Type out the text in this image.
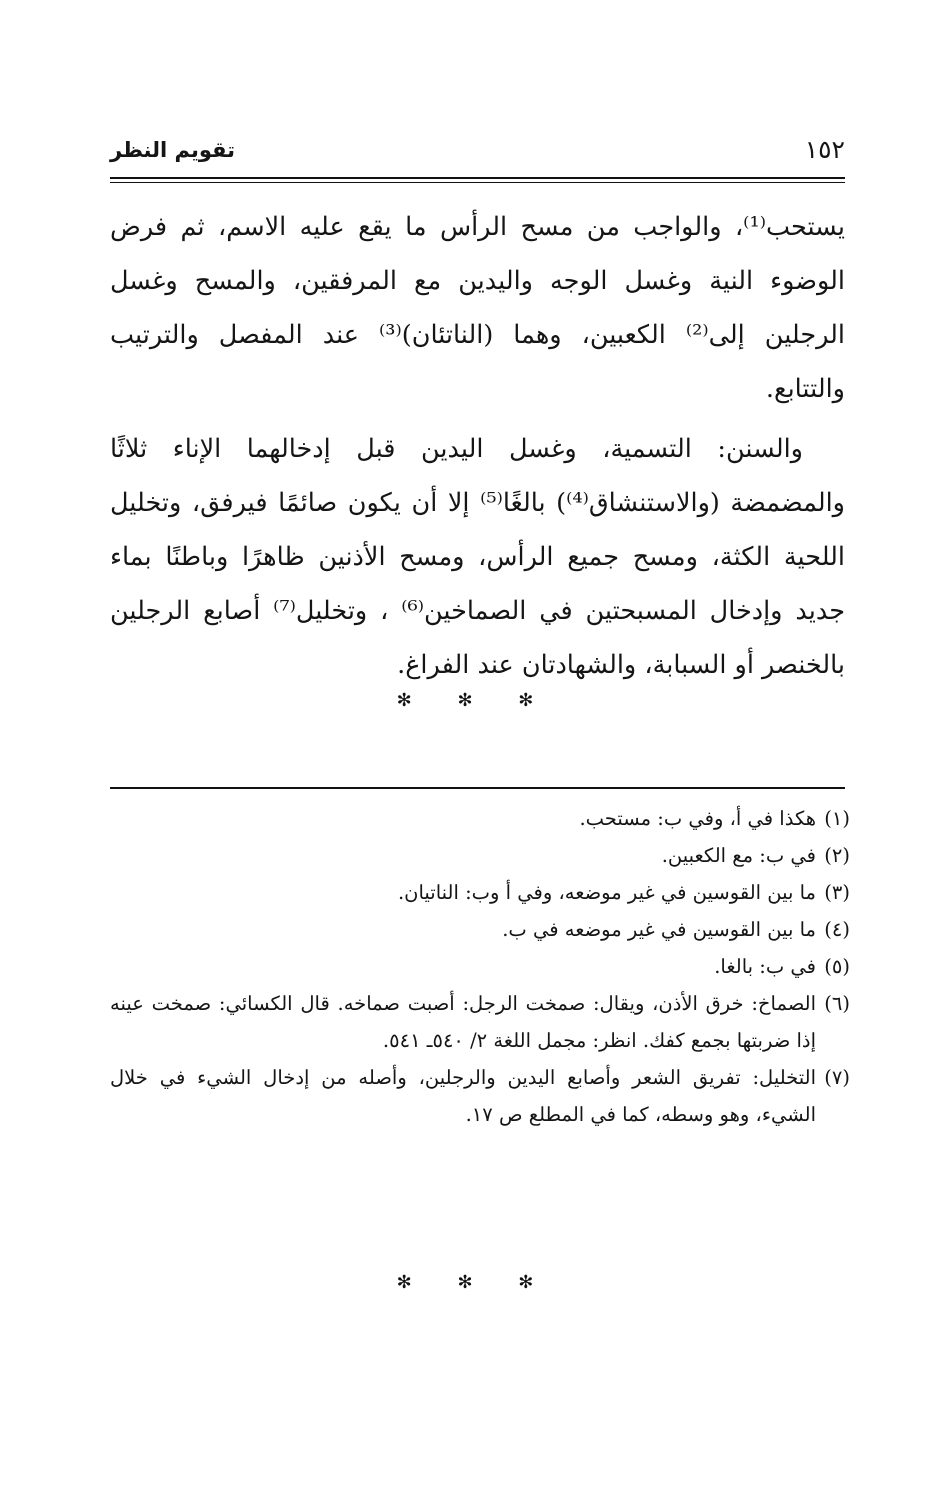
١٥٢
تقويم النظر

يستحب⁽¹⁾، والواجب من مسح الرأس ما يقع عليه الاسم، ثم فرض الوضوء النية وغسل الوجه واليدين مع المرفقين، والمسح وغسل الرجلين إلى⁽²⁾ الكعبين، وهما (الناتئان)⁽³⁾ عند المفصل والترتيب والتتابع.

والسنن: التسمية، وغسل اليدين قبل إدخالهما الإناء ثلاثًا والمضمضة (والاستنشاق⁽⁴⁾) بالغًا⁽⁵⁾ إلا أن يكون صائمًا فيرفق، وتخليل اللحية الكثة، ومسح جميع الرأس، ومسح الأذنين ظاهرًا وباطنًا بماء جديد وإدخال المسبحتين في الصماخين⁽⁶⁾ ، وتخليل⁽⁷⁾ أصابع الرجلين بالخنصر أو السبابة، والشهادتان عند الفراغ.

✻ ✻ ✻
(١)
هكذا في أ، وفي ب: مستحب.
(٢)
في ب: مع الكعبين.
(٣)
ما بين القوسين في غير موضعه، وفي أ وب: الناتيان.
(٤)
ما بين القوسين في غير موضعه في ب.
(٥)
في ب: بالغا.
(٦)
الصماخ: خرق الأذن، ويقال: صمخت الرجل: أصبت صماخه. قال الكسائي: صمخت عينه إذا ضربتها بجمع كفك. انظر: مجمل اللغة ٢/ ٥٤٠ـ ٥٤١.
(٧)
التخليل: تفريق الشعر وأصابع اليدين والرجلين، وأصله من إدخال الشيء في خلال الشيء، وهو وسطه، كما في المطلع ص ١٧.
✻ ✻ ✻
